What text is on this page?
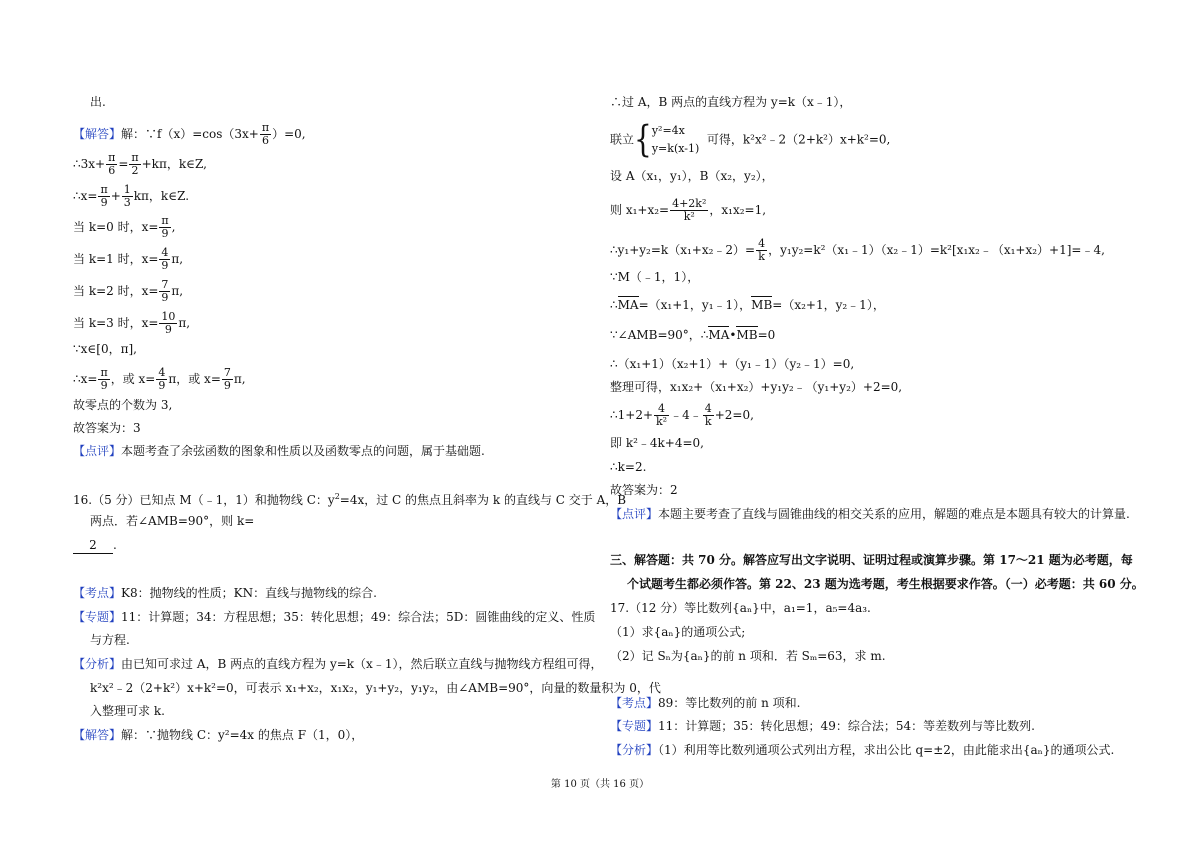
出.
【解答】解：∵f（x）=cos（3x+ $\frac{\pi}{6} )=0$,
∴3x+ $\frac{\pi}{6} = \frac{\pi}{2} +k\pi$，k∈Z,
∴x= $\frac{\pi}{9} + \frac{1}{3}$ kπ，k∈Z.
当 k=0 时，$x= \frac{\pi}{9}$ ,
当 k=1 时，$x= \frac{4}{9} \pi$,
当 k=2 时，$x= \frac{7}{9} \pi$,
当 k=3 时，$x= \frac{10}{9} \pi$,
∵x∈[0，π],
∴x= $\frac{\pi}{9}$ ，或 $x= \frac{4}{9}$ π，或 $x= \frac{7}{9} \pi$,
故零点的个数为 3,
故答案为：3
【点评】本题考查了余弦函数的图象和性质以及函数零点的问题，属于基础题.
16.（5 分）已知点 M（﹣1，1）和抛物线 C：$y^2=4x$，过 C 的焦点且斜率为 k 的直线与 C 交于 A，B
两点．若∠AMB=90°，则 k=
2 .
【考点】K8：抛物线的性质；KN：直线与抛物线的综合.
【专题】11：计算题；34：方程思想；35：转化思想；49：综合法；5D：圆锥曲线的定义、性质
与方程.
【分析】由已知可求过 A，B 两点的直线方程为 y=k（x﹣1），然后联立直线与抛物线方程组可得，
k²x²﹣2（2+k²）x+k²=0，可表示 x₁+x₂，x₁x₂，y₁+y₂，y₁y₂，由∠AMB=90°，向量的数量积为 0，代
入整理可求 k.
【解答】解：∵抛物线 C：y²=4x 的焦点 F（1，0），
∴过 A，B 两点的直线方程为 y=k（x﹣1），
联立{ y²=4x
y=k(x-1)
可得，k²x²﹣2（2+k²）x+k²=0,
设 A（x₁，y₁），B（x₂，y₂），
则 $x_1+x_2= \frac{\text{4+2k²}}{\text{k²}}$ ，x₁x₂=1,
∴y₁+y₂=k（x₁+x₂﹣2）= $\frac{4}{k}$ ，y₁y₂=k²（x₁﹣1）（x₂﹣1）=k²[x₁x₂﹣（x₁+x₂）+1]=﹣4,
∵M（﹣1，1），
∴MA=（x₁+1，y₁﹣1），MB=（x₂+1，y₂﹣1），
∵∠AMB=90°，∴MA•MB=0
∴（x₁+1）（x₂+1）+（y₁﹣1）（y₂﹣1）=0,
整理可得，x₁x₂+（x₁+x₂）+y₁y₂﹣（y₁+y₂）+2=0,
∴1+2+ $\frac{4}{\text{k²}}$ ﹣4﹣ $\frac{4}{k} +2=0$,
即 k²﹣4k+4=0,
∴k=2.
故答案为：2
【点评】本题主要考查了直线与圆锥曲线的相交关系的应用，解题的难点是本题具有较大的计算量.
三、解答题：共 70 分。解答应写出文字说明、证明过程或演算步骤。第 17～21 题为必考题，每
个试题考生都必须作答。第 22、23 题为选考题，考生根据要求作答。（一）必考题：共 60 分。
17.（12 分）等比数列{aₙ}中，a₁=1，a₅=4a₃.
（1）求{aₙ}的通项公式;
（2）记 Sₙ为{aₙ}的前 n 项和．若 Sₘ=63，求 m.
【考点】89：等比数列的前 n 项和.
【专题】11：计算题；35：转化思想；49：综合法；54：等差数列与等比数列.
【分析】（1）利用等比数列通项公式列出方程，求出公比 q=±2，由此能求出{aₙ}的通项公式.
第 10 页（共 16 页）
